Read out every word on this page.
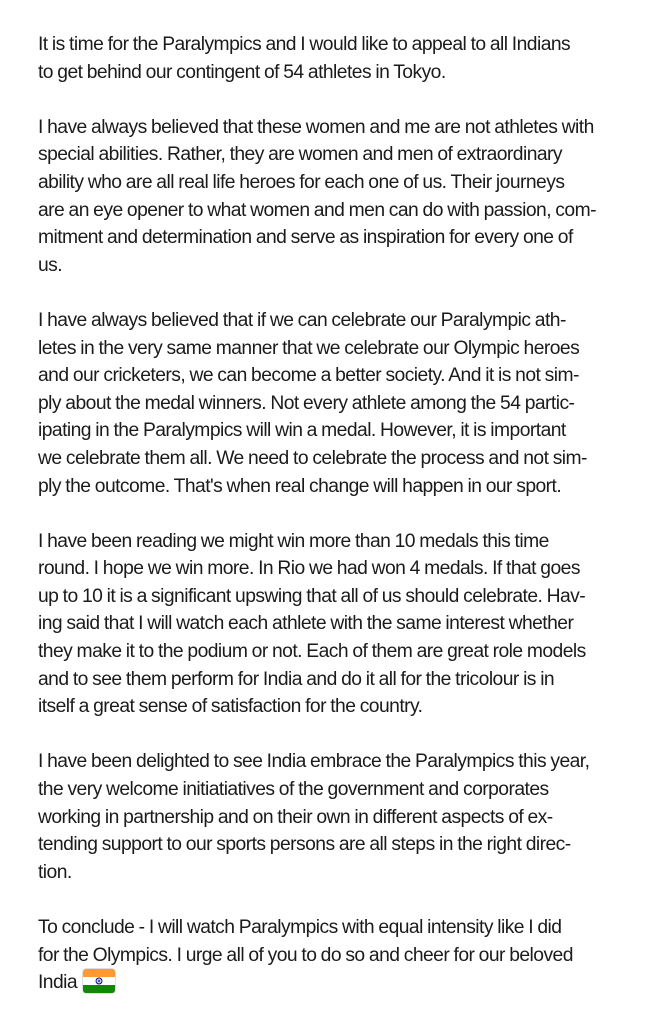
It is time for the Paralympics and I would like to appeal to all Indians
to get behind our contingent of 54 athletes in Tokyo.
I have always believed that these women and me are not athletes with
special abilities. Rather, they are women and men of extraordinary
ability who are all real life heroes for each one of us. Their journeys
are an eye opener to what women and men can do with passion, com-
mitment and determination and serve as inspiration for every one of
us.
I have always believed that if we can celebrate our Paralympic ath-
letes in the very same manner that we celebrate our Olympic heroes
and our cricketers, we can become a better society. And it is not sim-
ply about the medal winners. Not every athlete among the 54 partic-
ipating in the Paralympics will win a medal. However, it is important
we celebrate them all. We need to celebrate the process and not sim-
ply the outcome. That's when real change will happen in our sport.
I have been reading we might win more than 10 medals this time
round. I hope we win more. In Rio we had won 4 medals. If that goes
up to 10 it is a significant upswing that all of us should celebrate. Hav-
ing said that I will watch each athlete with the same interest whether
they make it to the podium or not. Each of them are great role models
and to see them perform for India and do it all for the tricolour is in
itself a great sense of satisfaction for the country.
I have been delighted to see India embrace the Paralympics this year,
the very welcome initiatiatives of the government and corporates
working in partnership and on their own in different aspects of ex-
tending support to our sports persons are all steps in the right direc-
tion.
To conclude - I will watch Paralympics with equal intensity like I did
for the Olympics. I urge all of you to do so and cheer for our beloved
India
